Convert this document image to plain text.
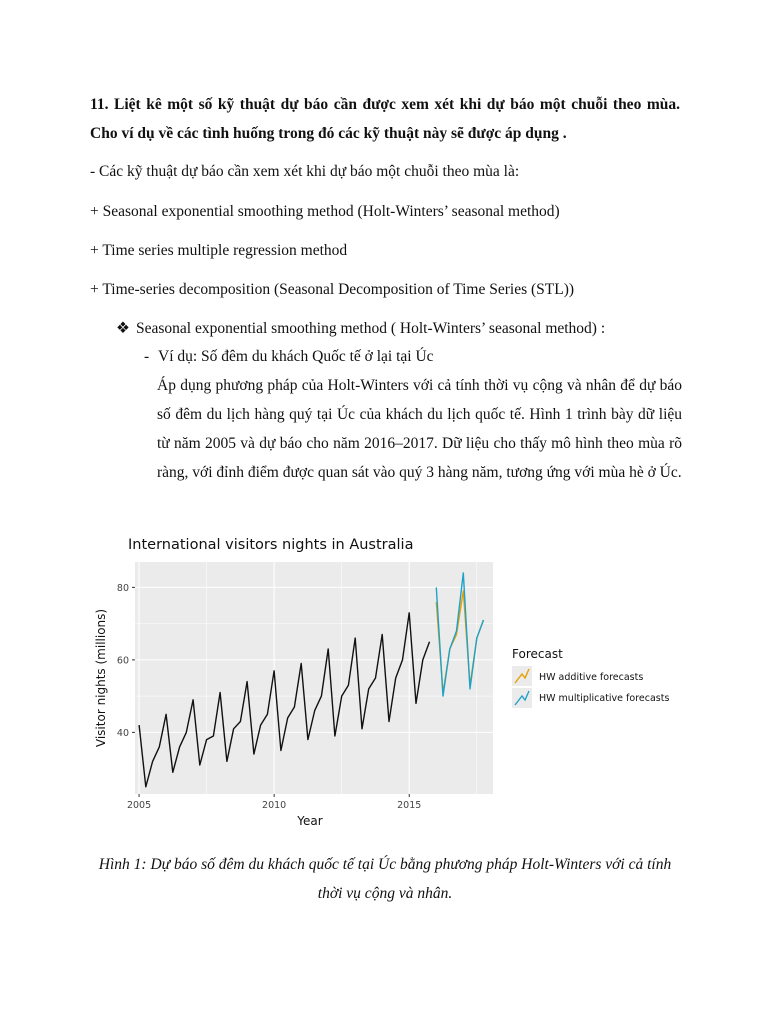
11. Liệt kê một số kỹ thuật dự báo cần được xem xét khi dự báo một chuỗi theo mùa. Cho ví dụ về các tình huống trong đó các kỹ thuật này sẽ được áp dụng .
- Các kỹ thuật dự báo cần xem xét khi dự báo một chuỗi theo mùa là:
+ Seasonal exponential smoothing method (Holt-Winters’ seasonal method)
+ Time series multiple regression method
+ Time-series decomposition (Seasonal Decomposition of Time Series (STL))
❖ Seasonal exponential smoothing method ( Holt-Winters’ seasonal method) :
- Ví dụ: Số đêm du khách Quốc tế ở lại tại Úc
Áp dụng phương pháp của Holt-Winters với cả tính thời vụ cộng và nhân để dự báo số đêm du lịch hàng quý tại Úc của khách du lịch quốc tế. Hình 1 trình bày dữ liệu từ năm 2005 và dự báo cho năm 2016–2017. Dữ liệu cho thấy mô hình theo mùa rõ ràng, với đỉnh điểm được quan sát vào quý 3 hàng năm, tương ứng với mùa hè ở Úc.
International visitors nights in Australia
40
60
80
2005	2010	2015
Year
Visitor nights (millions)	Forecast
HW additive forecasts
HW multiplicative forecasts
Hình 1: Dự báo số đêm du khách quốc tế tại Úc bằng phương pháp Holt-Winters với cả tính thời vụ cộng và nhân.
